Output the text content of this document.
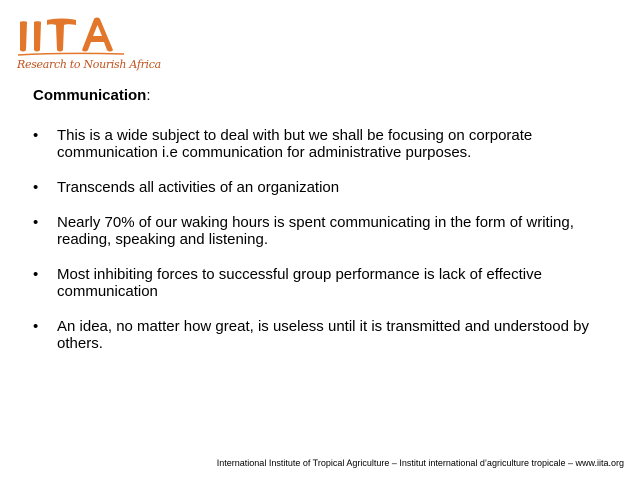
Research to Nourish Africa
Communication:
• This is a wide subject to deal with but we shall be focusing on corporate communication i.e communication for administrative purposes.
• Transcends all activities of an organization
• Nearly 70% of our waking hours is spent communicating in the form of writing, reading, speaking and listening.
• Most inhibiting forces to successful group performance is lack of effective communication
• An idea, no matter how great, is useless until it is transmitted and understood by others.
International Institute of Tropical Agriculture – Institut international d’agriculture tropicale – www.iita.org
